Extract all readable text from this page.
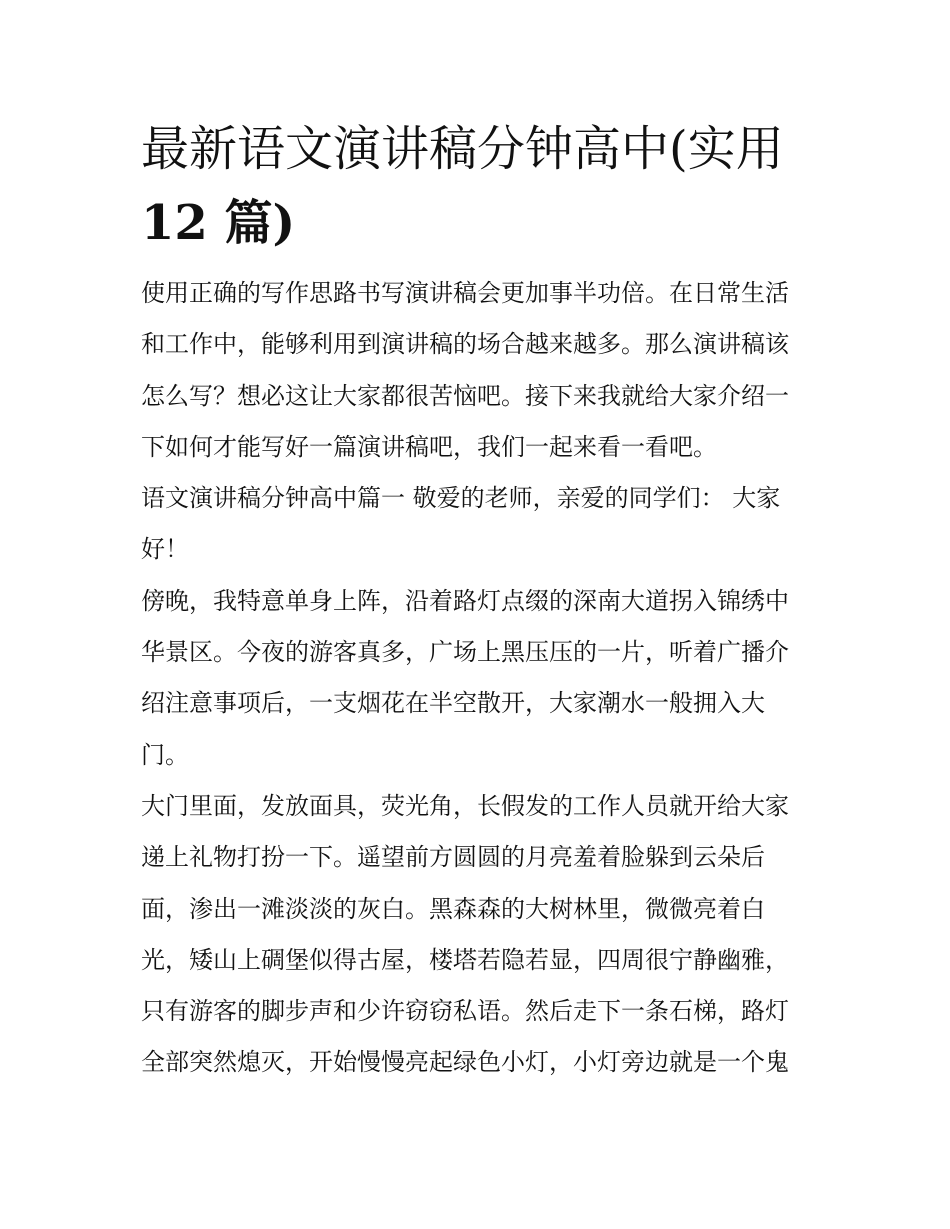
最新语文演讲稿分钟高中(实用
12 篇)

使用正确的写作思路书写演讲稿会更加事半功倍。在日常生活
和工作中，能够利用到演讲稿的场合越来越多。那么演讲稿该
怎么写？想必这让大家都很苦恼吧。接下来我就给大家介绍一
下如何才能写好一篇演讲稿吧，我们一起来看一看吧。

语文演讲稿分钟高中篇一 敬爱的老师，亲爱的同学们： 大家
好！

傍晚，我特意单身上阵，沿着路灯点缀的深南大道拐入锦绣中
华景区。今夜的游客真多，广场上黑压压的一片，听着广播介
绍注意事项后，一支烟花在半空散开，大家潮水一般拥入大
门。

大门里面，发放面具，荧光角，长假发的工作人员就开给大家
递上礼物打扮一下。遥望前方圆圆的月亮羞着脸躲到云朵后
面，渗出一滩淡淡的灰白。黑森森的大树林里，微微亮着白
光，矮山上碉堡似得古屋，楼塔若隐若显，四周很宁静幽雅，
只有游客的脚步声和少许窃窃私语。然后走下一条石梯，路灯
全部突然熄灭，开始慢慢亮起绿色小灯，小灯旁边就是一个鬼
